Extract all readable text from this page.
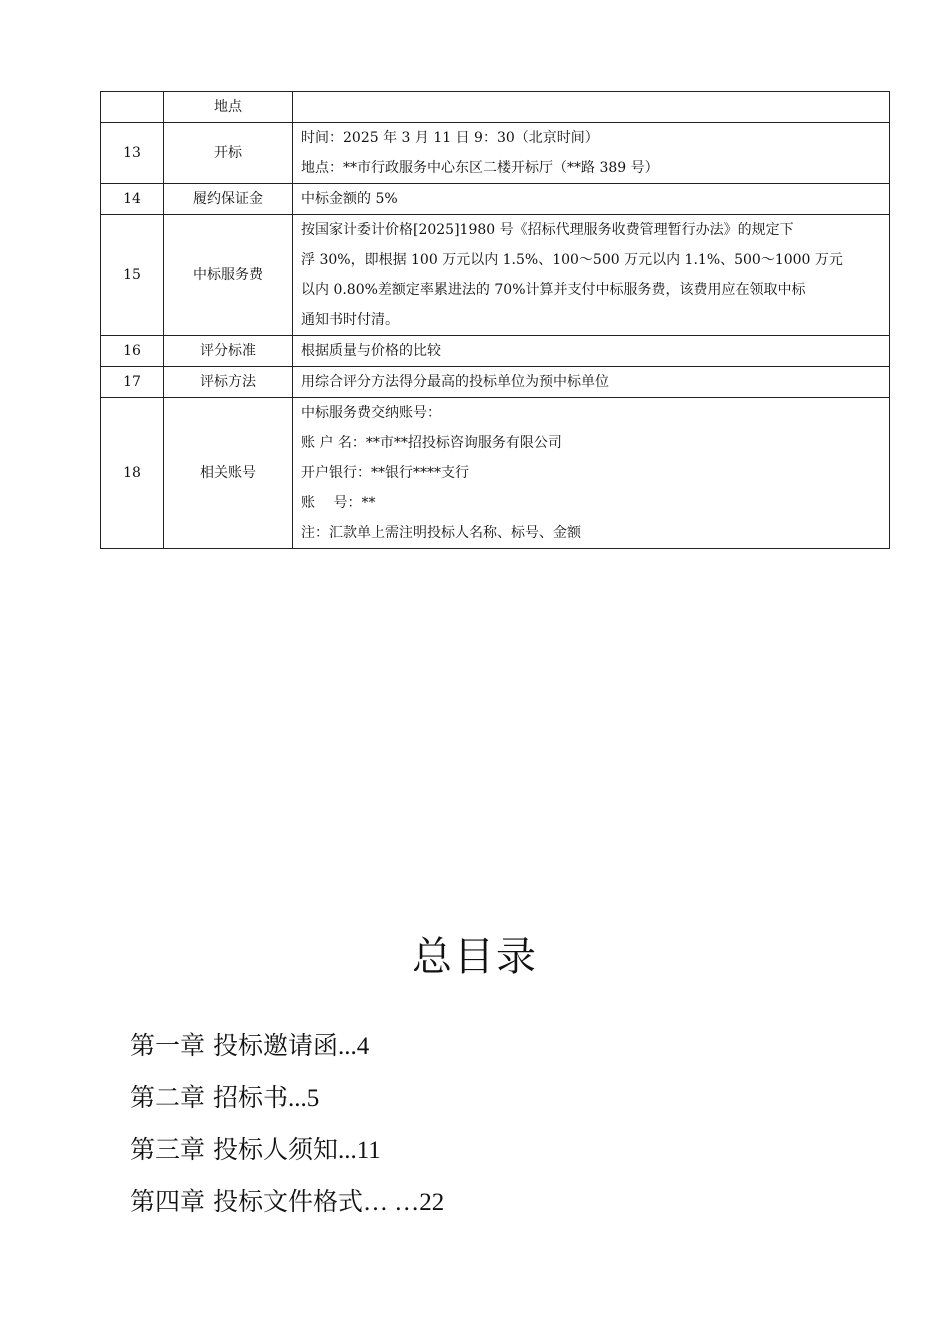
	地点	

13	开标	时间：2025 年 3 月 11 日 9：30（北京时间）
地点：**市行政服务中心东区二楼开标厅（**路 389 号）

14	履约保证金	中标金额的 5%

15	中标服务费	按国家计委计价格[2025]1980 号《招标代理服务收费管理暂行办法》的规定下
浮 30%，即根据 100 万元以内 1.5%、100～500 万元以内 1.1%、500～1000 万元
以内 0.80%差额定率累进法的 70%计算并支付中标服务费，该费用应在领取中标
通知书时付清。

16	评分标准	根据质量与价格的比较

17	评标方法	用综合评分方法得分最高的投标单位为预中标单位

18	相关账号	中标服务费交纳账号：
账 户 名：**市**招投标咨询服务有限公司
开户银行：**银行****支行
账　 号：**
注：汇款单上需注明投标人名称、标号、金额
总目录
第一章 投标邀请函...4
第二章 招标书...5
第三章 投标人须知...11
第四章 投标文件格式… …22
